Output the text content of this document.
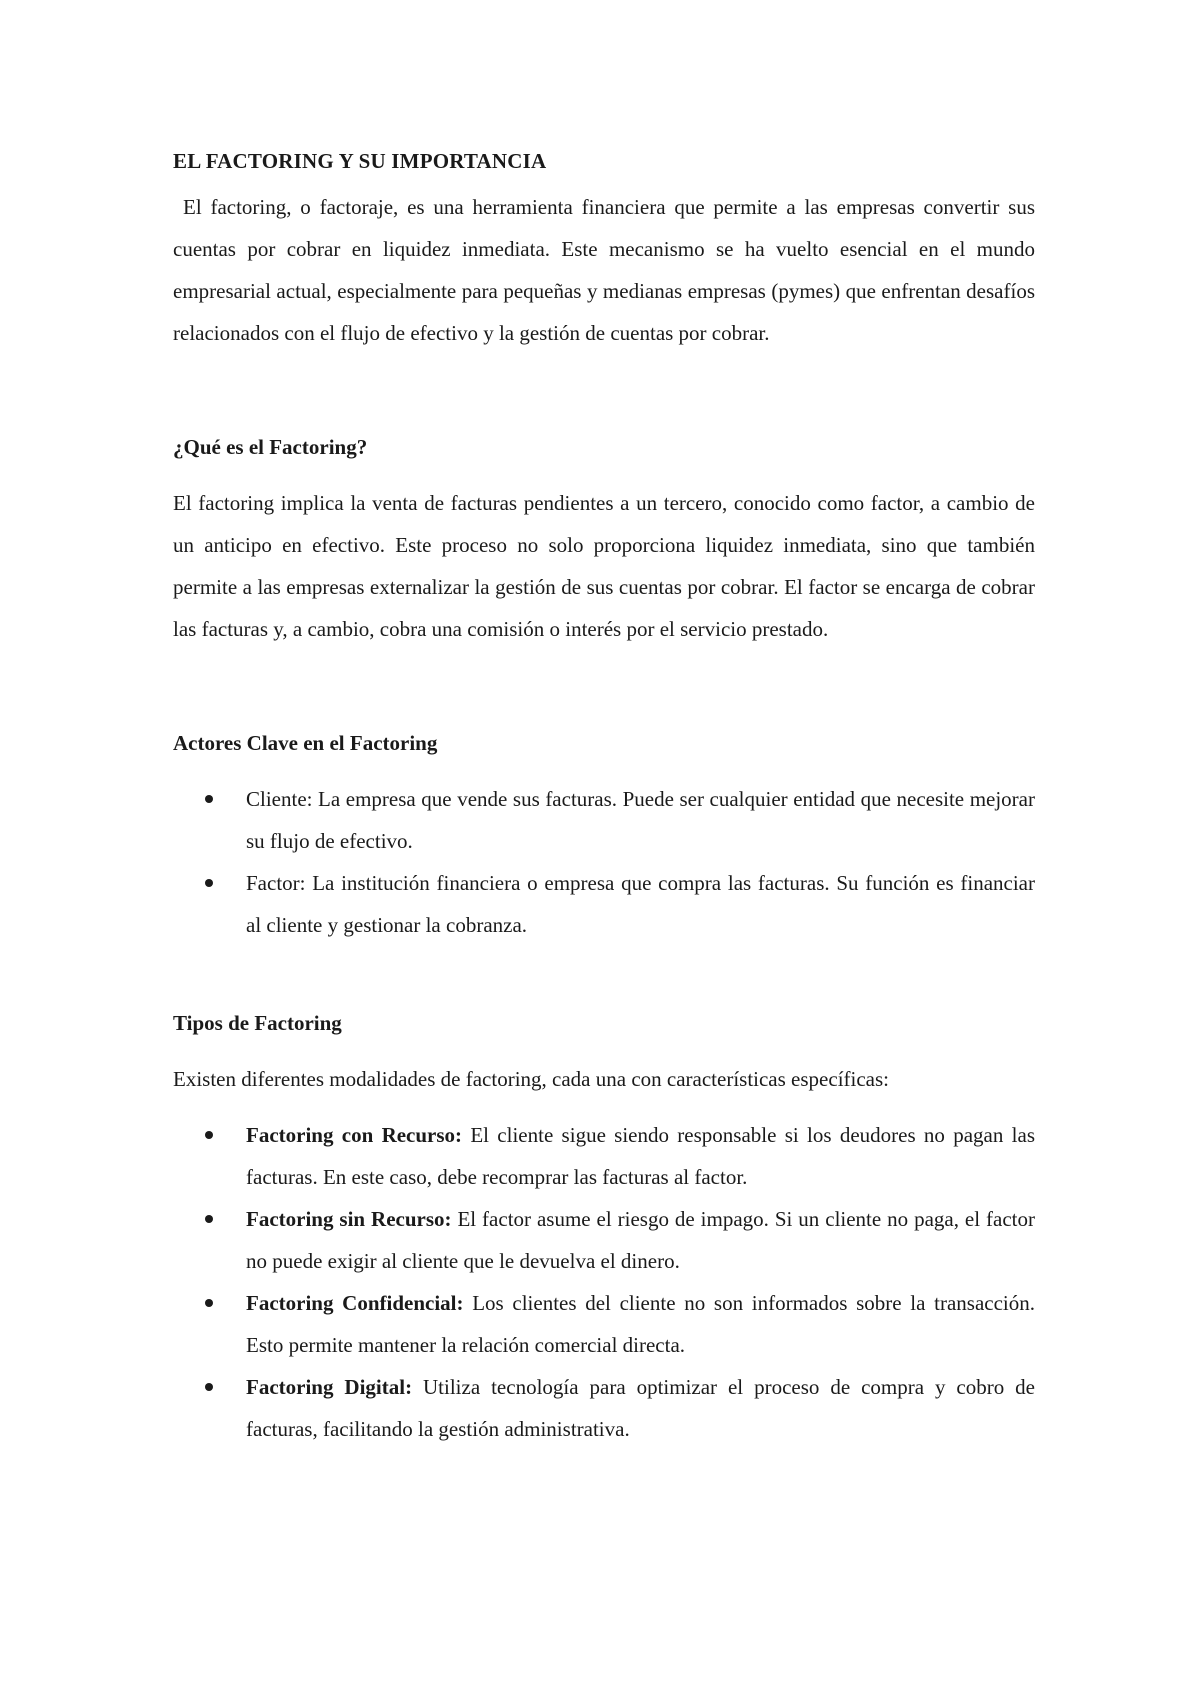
EL FACTORING Y SU IMPORTANCIA

El factoring, o factoraje, es una herramienta financiera que permite a las empresas convertir sus cuentas por cobrar en liquidez inmediata. Este mecanismo se ha vuelto esencial en el mundo empresarial actual, especialmente para pequeñas y medianas empresas (pymes) que enfrentan desafíos relacionados con el flujo de efectivo y la gestión de cuentas por cobrar.

¿Qué es el Factoring?

El factoring implica la venta de facturas pendientes a un tercero, conocido como factor, a cambio de un anticipo en efectivo. Este proceso no solo proporciona liquidez inmediata, sino que también permite a las empresas externalizar la gestión de sus cuentas por cobrar. El factor se encarga de cobrar las facturas y, a cambio, cobra una comisión o interés por el servicio prestado.

Actores Clave en el Factoring
Cliente: La empresa que vende sus facturas. Puede ser cualquier entidad que necesite mejorar su flujo de efectivo.
Factor: La institución financiera o empresa que compra las facturas. Su función es financiar al cliente y gestionar la cobranza.
Tipos de Factoring

Existen diferentes modalidades de factoring, cada una con características específicas:

Factoring con Recurso: El cliente sigue siendo responsable si los deudores no pagan las facturas. En este caso, debe recomprar las facturas al factor.
Factoring sin Recurso: El factor asume el riesgo de impago. Si un cliente no paga, el factor no puede exigir al cliente que le devuelva el dinero.
Factoring Confidencial: Los clientes del cliente no son informados sobre la transacción. Esto permite mantener la relación comercial directa.
Factoring Digital: Utiliza tecnología para optimizar el proceso de compra y cobro de facturas, facilitando la gestión administrativa.
